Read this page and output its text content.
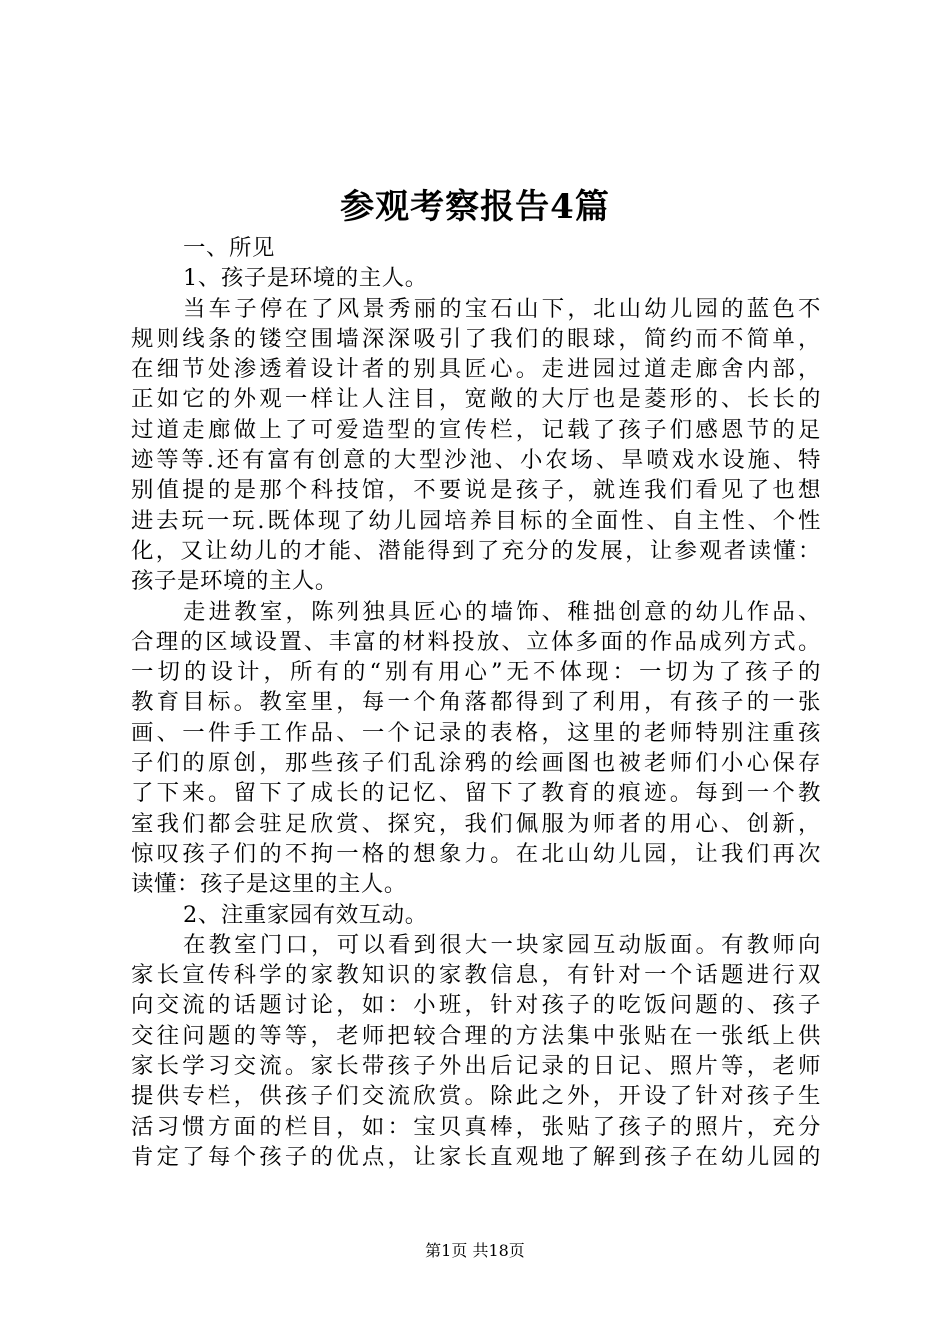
参观考察报告4篇
一、所见
1、孩子是环境的主人。
当车子停在了风景秀丽的宝石山下，北山幼儿园的蓝色不
规则线条的镂空围墙深深吸引了我们的眼球，简约而不简单，
在细节处渗透着设计者的别具匠心。走进园过道走廊舍内部，
正如它的外观一样让人注目，宽敞的大厅也是菱形的、长长的
过道走廊做上了可爱造型的宣传栏，记载了孩子们感恩节的足
迹等等.还有富有创意的大型沙池、小农场、旱喷戏水设施、特
别值提的是那个科技馆，不要说是孩子，就连我们看见了也想
进去玩一玩.既体现了幼儿园培养目标的全面性、自主性、个性
化，又让幼儿的才能、潜能得到了充分的发展，让参观者读懂：
孩子是环境的主人。
走进教室，陈列独具匠心的墙饰、稚拙创意的幼儿作品、
合理的区域设置、丰富的材料投放、立体多面的作品成列方式。
一切的设计，所有的“别有用心”无不体现：一切为了孩子的
教育目标。教室里，每一个角落都得到了利用，有孩子的一张
画、一件手工作品、一个记录的表格，这里的老师特别注重孩
子们的原创，那些孩子们乱涂鸦的绘画图也被老师们小心保存
了下来。留下了成长的记忆、留下了教育的痕迹。每到一个教
室我们都会驻足欣赏、探究，我们佩服为师者的用心、创新，
惊叹孩子们的不拘一格的想象力。在北山幼儿园，让我们再次
读懂：孩子是这里的主人。
2、注重家园有效互动。
在教室门口，可以看到很大一块家园互动版面。有教师向
家长宣传科学的家教知识的家教信息，有针对一个话题进行双
向交流的话题讨论，如：小班，针对孩子的吃饭问题的、孩子
交往问题的等等，老师把较合理的方法集中张贴在一张纸上供
家长学习交流。家长带孩子外出后记录的日记、照片等，老师
提供专栏，供孩子们交流欣赏。除此之外，开设了针对孩子生
活习惯方面的栏目，如：宝贝真棒，张贴了孩子的照片，充分
肯定了每个孩子的优点，让家长直观地了解到孩子在幼儿园的
第1页 共18页
